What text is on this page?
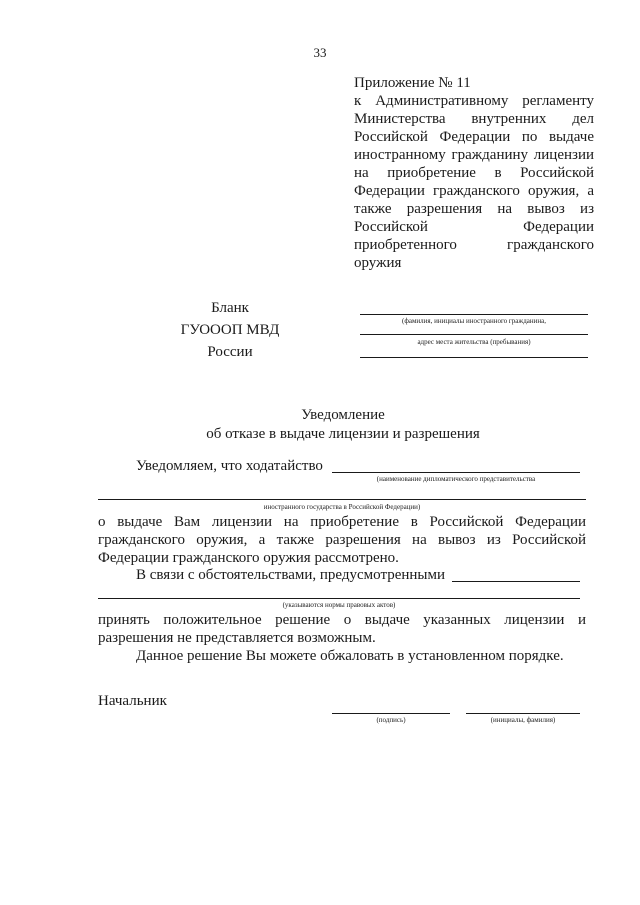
33
Приложение № 11
к Административному регламенту
Министерства внутренних дел
Российской Федерации по выдаче
иностранному гражданину лицензии
на приобретение в Российской
Федерации гражданского оружия, а
также разрешения на вывоз из
Российской Федерации
приобретенного гражданского
оружия
Бланк
ГУОООП МВД
России
(фамилия, инициалы иностранного гражданина,
адрес места жительства (пребывания)
Уведомление
об отказе в выдаче лицензии и разрешения
Уведомляем, что ходатайство
(наименование дипломатического представительства
иностранного государства в Российской Федерации)
о выдаче Вам лицензии на приобретение в Российской Федерации
гражданского оружия, а также разрешения на вывоз из Российской
Федерации гражданского оружия рассмотрено.
В связи с обстоятельствами, предусмотренными
(указываются нормы правовых актов)
принять положительное решение о выдаче указанных лицензии и
разрешения не представляется возможным.
Данное решение Вы можете обжаловать в установленном порядке.
Начальник
(подпись)	(инициалы, фамилия)
